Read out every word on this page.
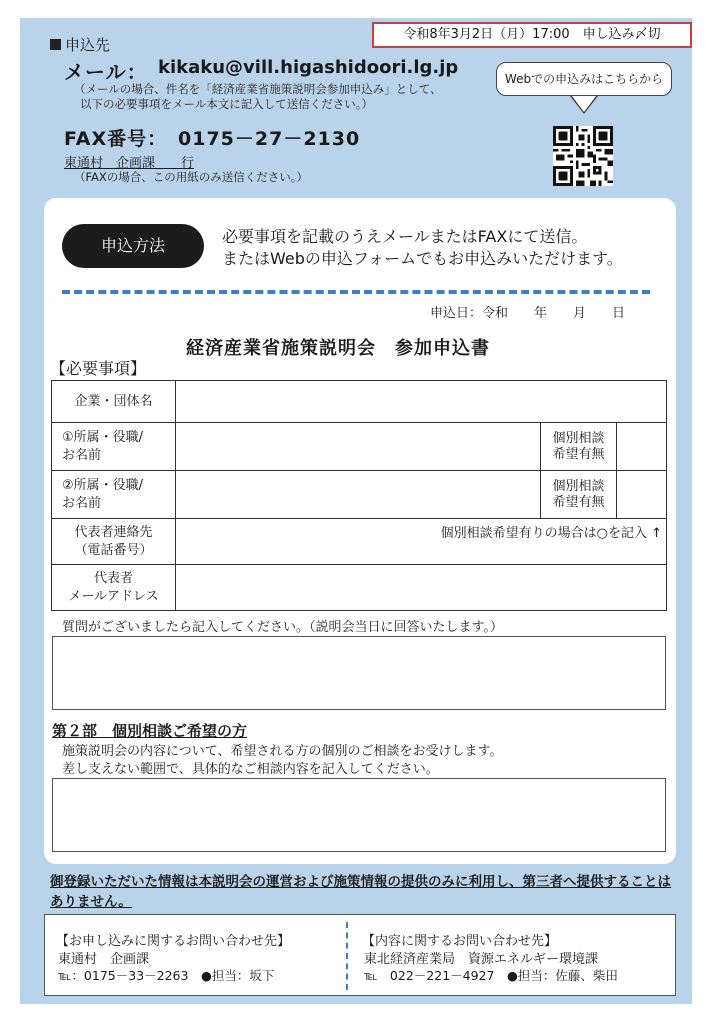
令和8年3月2日（月）17:00　申し込み〆切
申込先
メール： kikaku@vill.higashidoori.lg.jp
（メールの場合、件名を「経済産業省施策説明会参加申込み」として、
以下の必要事項をメール本文に記入して送信ください。）
FAX番号： 0175－27－2130
東通村　企画課　　行
（FAXの場合、この用紙のみ送信ください。）
Webでの申込みはこちらから
申込方法	必要事項を記載のうえメールまたはFAXにて送信。
またはWebの申込フォームでもお申込みいただけます。
申込日：令和　　年　　月　　日
経済産業省施策説明会　参加申込書
【必要事項】
企業・団体名			
①所属・役職/
お名前		個別相談
希望有無	
②所属・役職/
お名前		個別相談
希望有無	
代表者連絡先
（電話番号）	個別相談希望有りの場合は○を記入 ↑		
代表者
メールアドレス			
質問がございましたら記入してください。（説明会当日に回答いたします。）
第２部　個別相談ご希望の方
施策説明会の内容について、希望される方の個別のご相談をお受けします。
差し支えない範囲で、具体的なご相談内容を記入してください。
御登録いただいた情報は本説明会の運営および施策情報の提供のみに利用し、第三者へ提供することはありません。
【お申し込みに関するお問い合わせ先】
東通村　企画課
℡：0175－33－2263　●担当：坂下
【内容に関するお問い合わせ先】
東北経済産業局　資源エネルギー環境課
℡　022－221－4927　●担当：佐藤、柴田
